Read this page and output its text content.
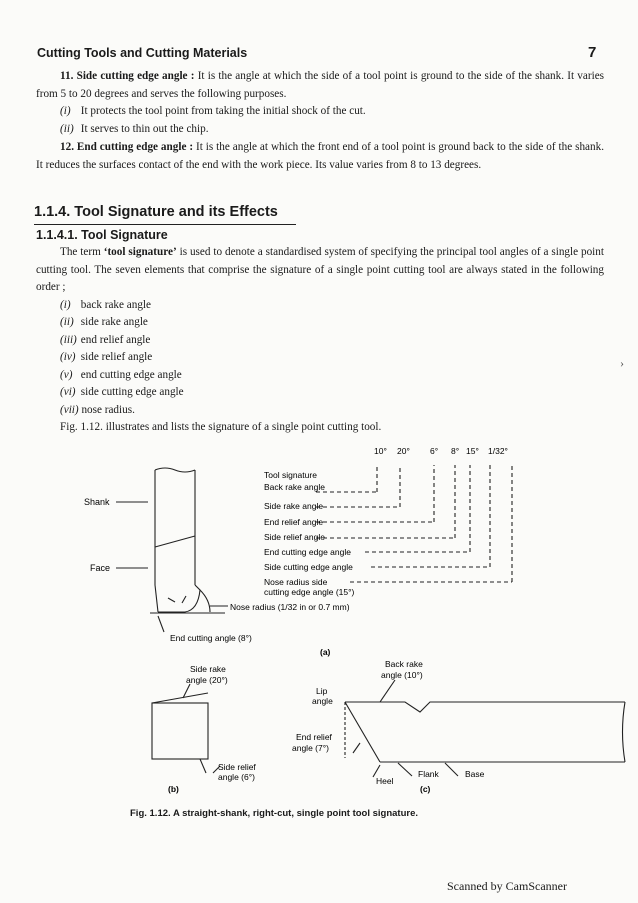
Cutting Tools and Cutting Materials	7

11. Side cutting edge angle : It is the angle at which the side of a tool point is ground to the side of the shank. It varies from 5 to 20 degrees and serves the following purposes.

(i) It protects the tool point from taking the initial shock of the cut.

(ii) It serves to thin out the chip.

12. End cutting edge angle : It is the angle at which the front end of a tool point is ground back to the side of the shank. It reduces the surfaces contact of the end with the work piece. Its value varies from 8 to 13 degrees.

1.1.4. Tool Signature and its Effects
1.1.4.1. Tool Signature

The term ‘tool signature’ is used to denote a standardised system of specifying the principal tool angles of a single point cutting tool. The seven elements that comprise the signature of a single point cutting tool are always stated in the following order ;

(i) back rake angle

(ii) side rake angle

(iii) end relief angle

(iv) side relief angle

(v) end cutting edge angle

(vi) side cutting edge angle

(vii) nose radius.

Fig. 1.12. illustrates and lists the signature of a single point cutting tool.

10° 20° 6° 8° 15° 1/32°
Tool signature
Back rake angle
Side rake angle
End relief angle
Side relief angle
End cutting edge angle
Side cutting edge angle
Nose radius side
cutting edge angle (15°)
Shank
Face
Nose radius (1/32 in or 0.7 mm)
End cutting angle (8°)
(a)
Side rake
angle (20°)
Side relief
angle (6°)
(b)
Back rake
angle (10°)
Lip
angle
End relief
angle (7°)
Heel
Flank	Base
(c)
Fig. 1.12. A straight-shank, right-cut, single point tool signature.
›
Scanned by CamScanner
